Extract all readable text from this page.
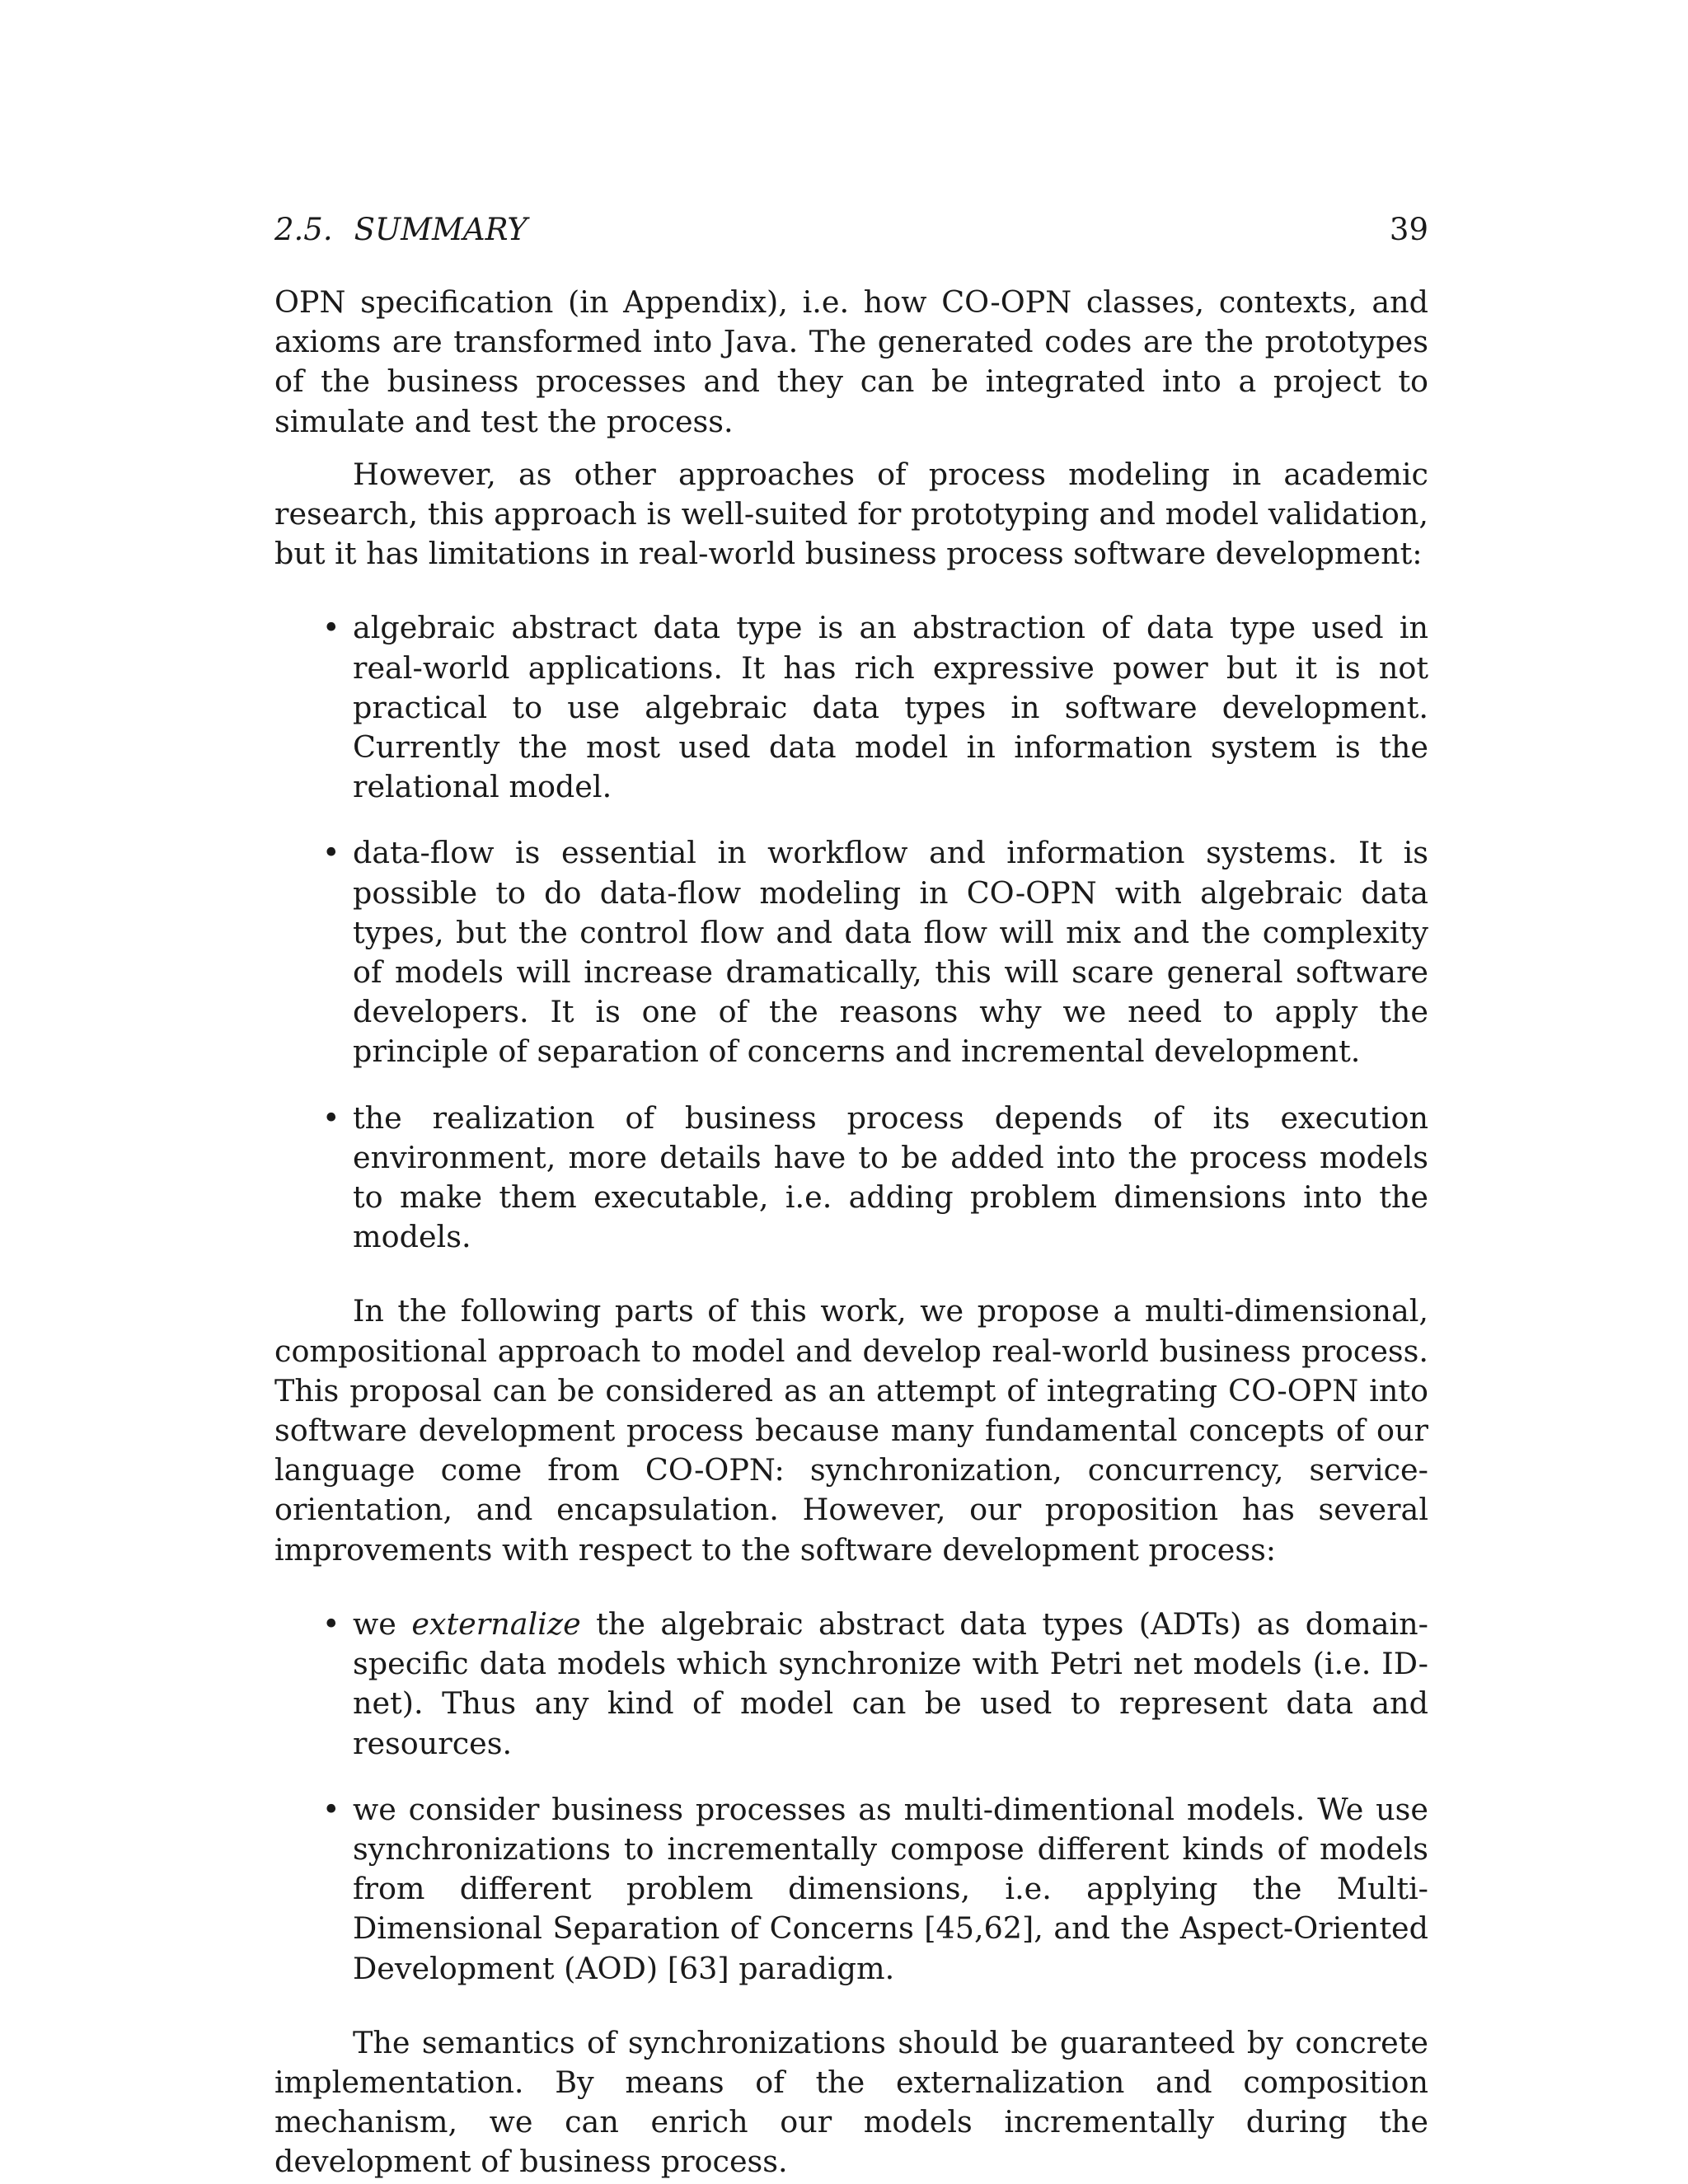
2.5. SUMMARY	39

OPN specification (in Appendix), i.e. how CO-OPN classes, contexts, and axioms are transformed into Java. The generated codes are the prototypes of the business processes and they can be integrated into a project to simulate and test the process.

However, as other approaches of process modeling in academic research, this approach is well-suited for prototyping and model validation, but it has limitations in real-world business process software development:

• algebraic abstract data type is an abstraction of data type used in real-world applications. It has rich expressive power but it is not practical to use algebraic data types in software development. Currently the most used data model in information system is the relational model.
• data-flow is essential in workflow and information systems. It is possible to do data-flow modeling in CO-OPN with algebraic data types, but the control flow and data flow will mix and the complexity of models will increase dramatically, this will scare general software developers. It is one of the reasons why we need to apply the principle of separation of concerns and incremental development.
• the realization of business process depends of its execution environment, more details have to be added into the process models to make them executable, i.e. adding problem dimensions into the models.

In the following parts of this work, we propose a multi-dimensional, compositional approach to model and develop real-world business process. This proposal can be considered as an attempt of integrating CO-OPN into software development process because many fundamental concepts of our language come from CO-OPN: synchronization, concurrency, service-orientation, and encapsulation. However, our proposition has several improvements with respect to the software development process:

• we externalize the algebraic abstract data types (ADTs) as domain-specific data models which synchronize with Petri net models (i.e. ID-net). Thus any kind of model can be used to represent data and resources.
• we consider business processes as multi-dimentional models. We use synchronizations to incrementally compose different kinds of models from different problem dimensions, i.e. applying the Multi-Dimensional Separation of Concerns [45,62], and the Aspect-Oriented Development (AOD) [63] paradigm.

The semantics of synchronizations should be guaranteed by concrete implementation. By means of the externalization and composition mechanism, we can enrich our models incrementally during the development of business process.
